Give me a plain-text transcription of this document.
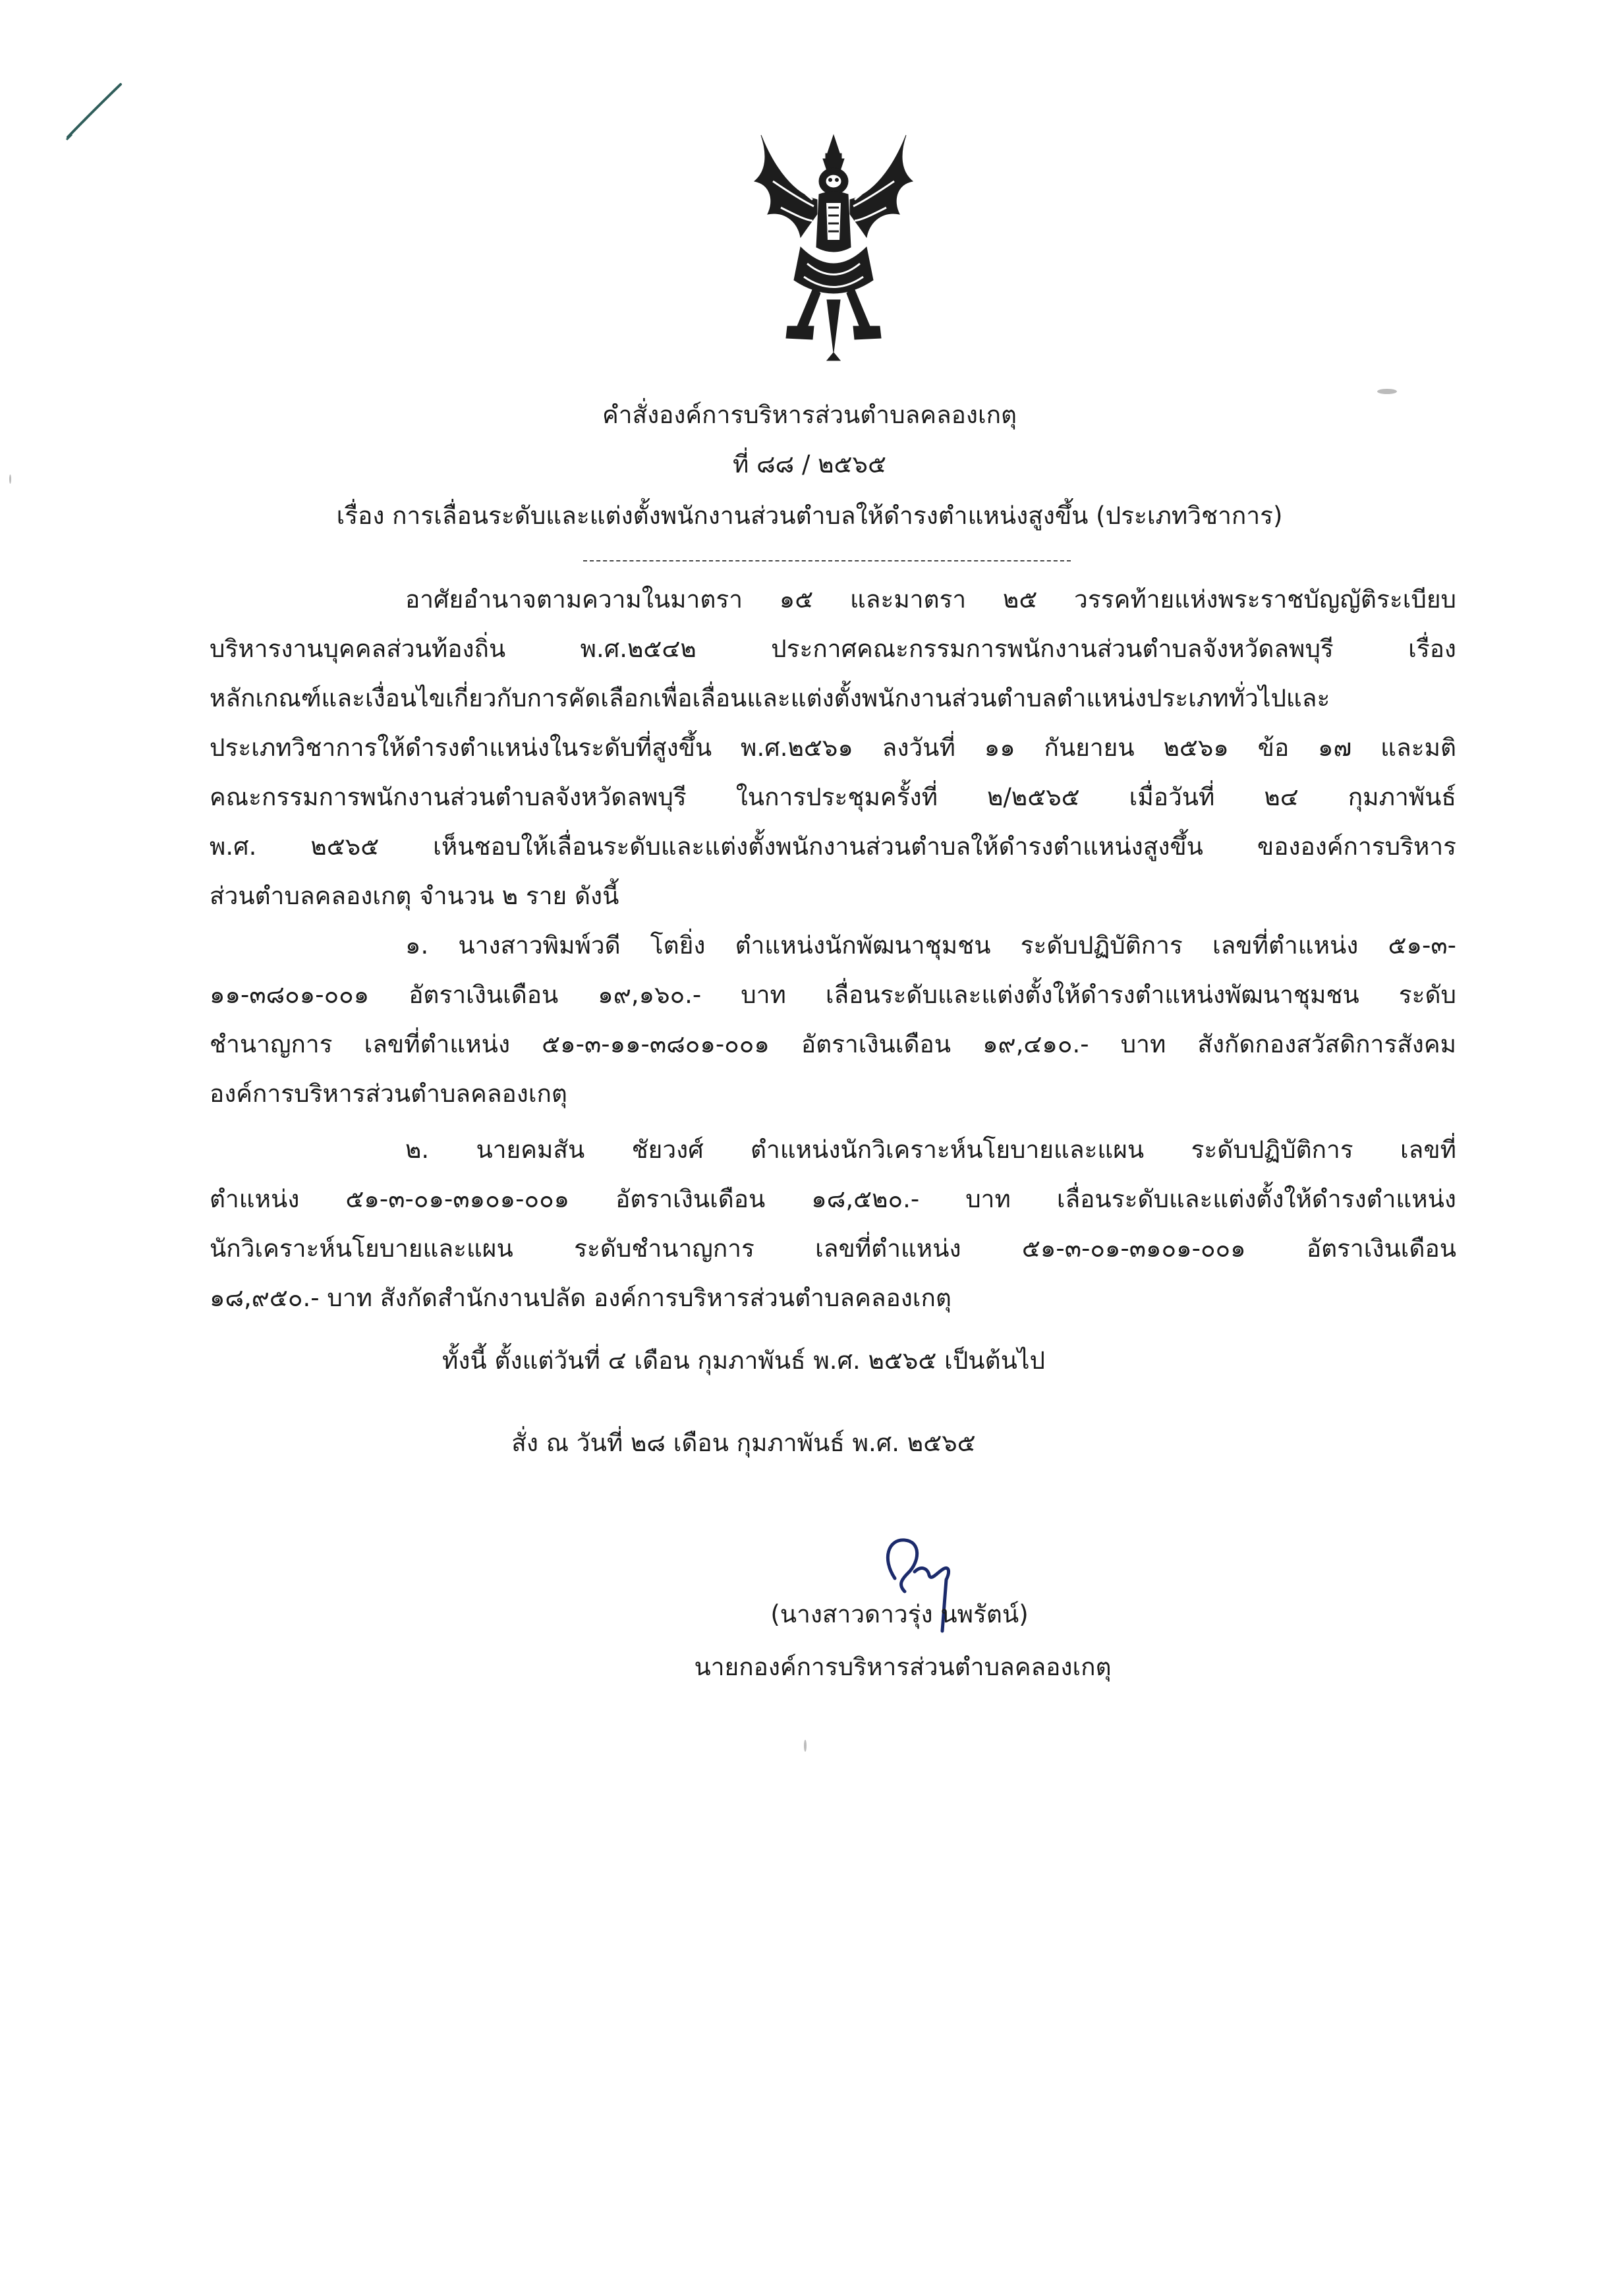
คำสั่งองค์การบริหารส่วนตำบลคลองเกตุ
ที่ ๘๘ / ๒๕๖๕
เรื่อง การเลื่อนระดับและแต่งตั้งพนักงานส่วนตำบลให้ดำรงตำแหน่งสูงขึ้น (ประเภทวิชาการ)
อาศัยอำนาจตามความในมาตรา ๑๕ และมาตรา ๒๕ วรรคท้ายแห่งพระราชบัญญัติระเบียบ
บริหารงานบุคคลส่วนท้องถิ่น พ.ศ.๒๕๔๒ ประกาศคณะกรรมการพนักงานส่วนตำบลจังหวัดลพบุรี เรื่อง
หลักเกณฑ์และเงื่อนไขเกี่ยวกับการคัดเลือกเพื่อเลื่อนและแต่งตั้งพนักงานส่วนตำบลตำแหน่งประเภททั่วไปและ
ประเภทวิชาการให้ดำรงตำแหน่งในระดับที่สูงขึ้น พ.ศ.๒๕๖๑ ลงวันที่ ๑๑ กันยายน ๒๕๖๑ ข้อ ๑๗ และมติ
คณะกรรมการพนักงานส่วนตำบลจังหวัดลพบุรี ในการประชุมครั้งที่ ๒/๒๕๖๕ เมื่อวันที่ ๒๔ กุมภาพันธ์
พ.ศ. ๒๕๖๕ เห็นชอบให้เลื่อนระดับและแต่งตั้งพนักงานส่วนตำบลให้ดำรงตำแหน่งสูงขึ้น ขององค์การบริหาร
ส่วนตำบลคลองเกตุ จำนวน ๒ ราย ดังนี้
๑. นางสาวพิมพ์วดี โตยิ่ง ตำแหน่งนักพัฒนาชุมชน ระดับปฏิบัติการ เลขที่ตำแหน่ง ๕๑-๓-
๑๑-๓๘๐๑-๐๐๑ อัตราเงินเดือน ๑๙,๑๖๐.- บาท เลื่อนระดับและแต่งตั้งให้ดำรงตำแหน่งพัฒนาชุมชน ระดับ
ชำนาญการ เลขที่ตำแหน่ง ๕๑-๓-๑๑-๓๘๐๑-๐๐๑ อัตราเงินเดือน ๑๙,๔๑๐.- บาท สังกัดกองสวัสดิการสังคม
องค์การบริหารส่วนตำบลคลองเกตุ
๒. นายคมสัน ชัยวงศ์ ตำแหน่งนักวิเคราะห์นโยบายและแผน ระดับปฏิบัติการ เลขที่
ตำแหน่ง ๕๑-๓-๐๑-๓๑๐๑-๐๐๑ อัตราเงินเดือน ๑๘,๕๒๐.- บาท เลื่อนระดับและแต่งตั้งให้ดำรงตำแหน่ง
นักวิเคราะห์นโยบายและแผน ระดับชำนาญการ เลขที่ตำแหน่ง ๕๑-๓-๐๑-๓๑๐๑-๐๐๑ อัตราเงินเดือน
๑๘,๙๕๐.- บาท สังกัดสำนักงานปลัด องค์การบริหารส่วนตำบลคลองเกตุ
ทั้งนี้ ตั้งแต่วันที่ ๔ เดือน กุมภาพันธ์ พ.ศ. ๒๕๖๕ เป็นต้นไป
สั่ง ณ วันที่ ๒๘ เดือน กุมภาพันธ์ พ.ศ. ๒๕๖๕
(นางสาวดาวรุ่ง นพรัตน์)
นายกองค์การบริหารส่วนตำบลคลองเกตุ
